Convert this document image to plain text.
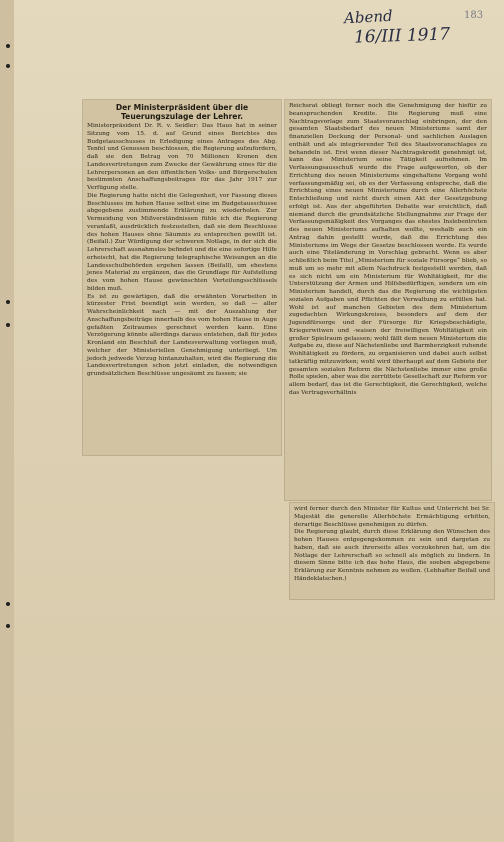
Abend
16/III 1917
183

Der Ministerpräsident über die Teuerungszulage der Lehrer.

Ministerpräsident Dr. R. v. Seidler: Das Haus hat in seiner Sitzung vom 15. d. auf Grund eines Berichtes des Budgetausschusses in Erledigung eines Antrages des Abg. Tenfel und Genossen beschlossen, die Regierung aufzufordern, daß sie den Betrag von 70 Millionen Kronen den Landesvertretungen zum Zwecke der Gewährung eines für die Lehrerpersonen an den öffentlichen Volks- und Bürgerschulen bestimmten Anschaffungsbeitrages für das Jahr 1917 zur Verfügung stelle.

Die Regierung hatte nicht die Gelegenheit, vor Fassung dieses Beschlusses im hohen Hause selbst eine im Budgetausschusse abgegebene zustimmende Erklärung zu wiederholen. Zur Vermeidung von Mißverständnissen fühle ich die Regierung veranlaßt, ausdrücklich festzustellen, daß sie dem Beschlusse des hohen Hauses ohne Säumnis zu entsprechen gewillt ist. (Beifall.) Zur Würdigung der schweren Notlage, in der sich die Lehrerschaft ausnahmslos befindet und die eine sofortige Hilfe erheischt, hat die Regierung telegraphische Weisungen an die Landesschulbehörden ergehen lassen (Beifall), um ehestens jenes Material zu ergänzen, das die Grundlage für Aufstellung des vom hohen Hause gewünschten Verteilungsschlüssels bilden muß.

Es ist zu gewärtigen, daß die erwähnten Vorarbeiten in kürzester Frist beendigt sein werden, so daß — aller Wahrscheinlichkeit nach — mit der Auszahlung der Anschaffungsbeiträge innerhalb des vom hohen Hause in Auge gefaßten Zeitraumes gerechnet werden kann. Eine Verzögerung könnte allerdings daraus entstehen, daß für jedes Kronland ein Beschluß der Landesverwaltung vorliegen muß, welcher der Ministeriellen Genehmigung unterliegt. Um jedoch jedwede Verzug hintanzuhalten, wird die Regierung die Landesvertretungen schon jetzt einladen, die notwendigen grundsätzlichen Beschlüsse ungesäumt zu fassen; sie

Reichsrat obliegt ferner noch die Genehmigung der hiefür zu beanspruchenden Kredite. Die Regierung muß eine Nachtragsvorlage zum Staatsvoranschlag einbringen, der den gesamten Staatsbedarf des neuen Ministeriums samt der finanziellen Deckung der Personal- und sachlichen Auslagen enthält und als integrierender Teil des Staatsvoranschlages zu behandeln ist. Erst wenn dieser Nachtragskredit genehmigt ist, kann das Ministerium seine Tätigkeit aufnehmen. Im Verfassungsausschuß wurde die Frage aufgeworfen, ob der Errichtung des neuen Ministeriums eingehaltene Vorgang wohl verfassungsmäßig sei, ob es der Verfassung entspreche, daß die Errichtung eines neuen Ministeriums durch eine Allerhöchste Entschließung und nicht durch einen Akt der Gesetzgebung erfolgt ist. Aus der abgeführten Debatte war ersichtlich, daß niemand durch die grundsätzliche Stellungnahme zur Frage der Verfassungsmäßigkeit des Vorganges das ehestes Inslebentreten des neuen Ministeriums aufhalten wollte, weshalb auch ein Antrag dahin gestellt wurde, daß die Errichtung des Ministeriums im Wege der Gesetze beschlossen werde. Es wurde auch eine Titeländerung in Vorschlag gebracht. Wenn es aber schließlich beim Titel „Ministerium für soziale Fürsorge“ blieb, so muß um so mehr mit allem Nachdruck festgestellt werden, daß es sich nicht um ein Ministerium für Wohltätigkeit, für die Unterstützung der Armen und Hilfsbedürftigen, sondern um ein Ministerium handelt, durch das die Regierung die wichtigsten sozialen Aufgaben und Pflichten der Verwaltung zu erfüllen hat. Wohl ist auf manchen Gebieten des dem Ministerium zugedachten Wirkungskreises, besonders auf dem der Jugendfürsorge und der Fürsorge für Kriegsbeschädigte, Kriegerwitwen und -waisen der freiwilligen Wohltätigkeit ein großer Spielraum gelassen; wohl fällt dem neuen Ministerium die Aufgabe zu, diese auf Nächstenliebe und Barmherzigkeit ruhende Wohltätigkeit zu fördern, zu organisieren und dabei auch selbst tatkräftig mitzuwirken; wohl wird überhaupt auf dem Gebiete der gesamten sozialen Reform die Nächstenliebe immer eine große Rolle spielen, aber was die zerrüttete Gesellschaft zur Reform vor allem bedarf, das ist die Gerechtigkeit, die Gerechtigkeit, welche das Vertragsverhältnis

wird ferner durch den Minister für Kultus und Unterricht bei Sr. Majestät die generelle Allerhöchste Ermächtigung erbitten, derartige Beschlüsse genehmigen zu dürfen.

Die Regierung glaubt, durch diese Erklärung den Wünschen des hohen Hauses entgegengekommen zu sein und dargetan zu haben, daß sie auch ihrerseits alles vorzukehren hat, um die Notlage der Lehrerschaft so schnell als möglich zu lindern. In diesem Sinne bitte ich das hohe Haus, die soeben abgegebene Erklärung zur Kenntnis nehmen zu wollen. (Lebhafter Beifall und Händeklatschen.)
